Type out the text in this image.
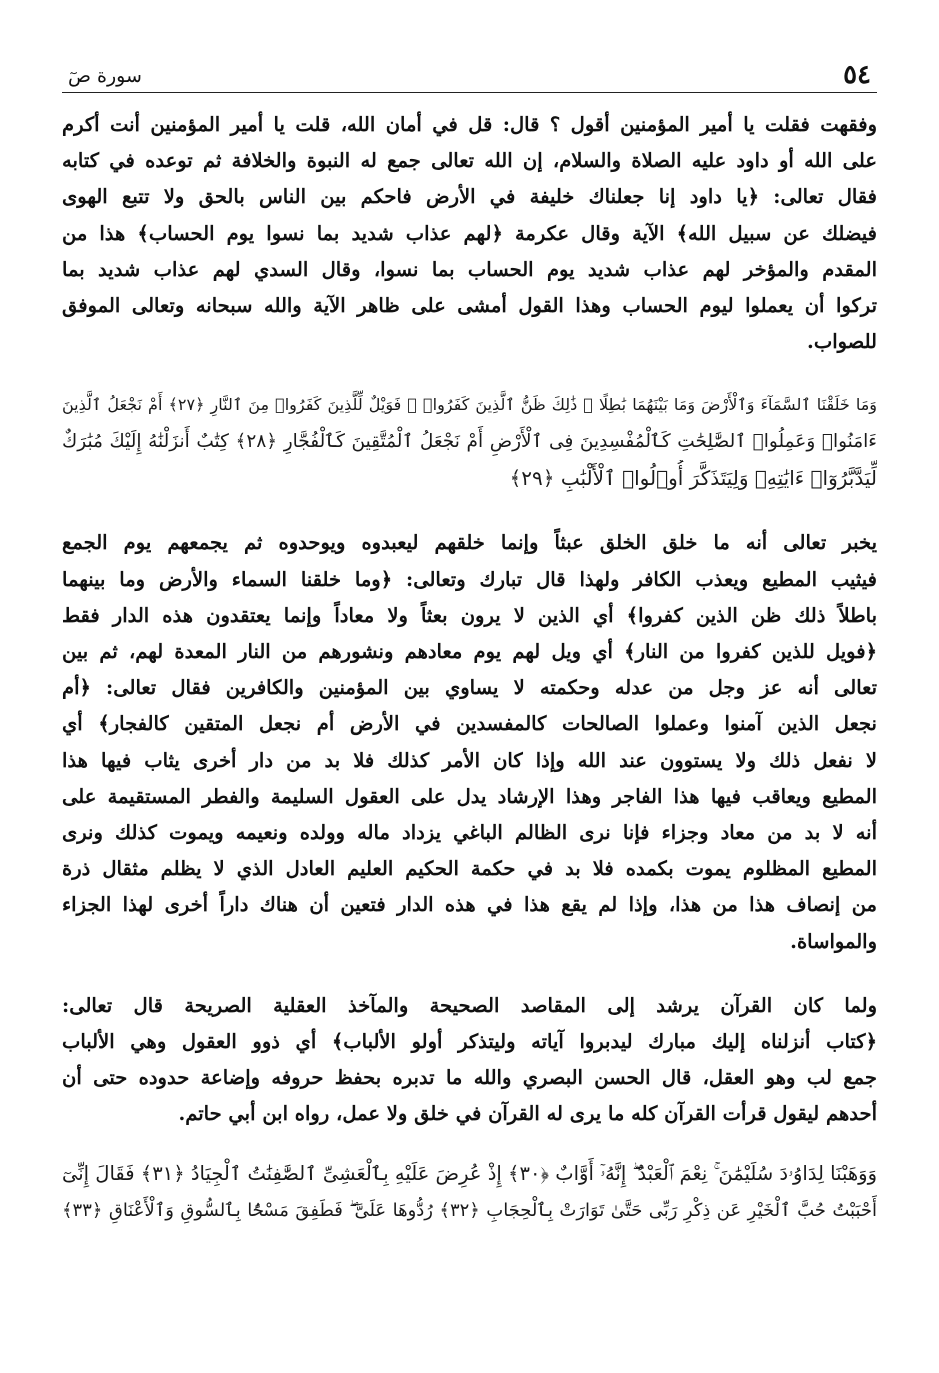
٥٤
سورة صٓ
وفقهت فقلت يا أمير المؤمنين أقول ؟ قال: قل في أمان الله، قلت يا أمير المؤمنين أنت أكرم
على الله أو داود عليه الصلاة والسلام، إن الله تعالى جمع له النبوة والخلافة ثم توعده في كتابه
فقال تعالى: ﴿يا داود إنا جعلناك خليفة في الأرض فاحكم بين الناس بالحق ولا تتبع الهوى
فيضلك عن سبيل الله﴾ الآية وقال عكرمة ﴿لهم عذاب شديد بما نسوا يوم الحساب﴾ هذا من
المقدم والمؤخر لهم عذاب شديد يوم الحساب بما نسوا، وقال السدي لهم عذاب شديد بما
تركوا أن يعملوا ليوم الحساب وهذا القول أمشى على ظاهر الآية والله سبحانه وتعالى الموفق
للصواب.
وَمَا خَلَقْنَا ٱلسَّمَآءَ وَٱلْأَرْضَ وَمَا بَيْنَهُمَا بَٰطِلًا ۚ ذَٰلِكَ ظَنُّ ٱلَّذِينَ كَفَرُوا۟ ۚ فَوَيْلٌ لِّلَّذِينَ كَفَرُوا۟ مِنَ ٱلنَّارِ ﴿٢٧﴾ أَمْ نَجْعَلُ ٱلَّذِينَ
ءَامَنُوا۟ وَعَمِلُوا۟ ٱلصَّٰلِحَٰتِ كَٱلْمُفْسِدِينَ فِى ٱلْأَرْضِ أَمْ نَجْعَلُ ٱلْمُتَّقِينَ كَٱلْفُجَّارِ ﴿٢٨﴾ كِتَٰبٌ أَنزَلْنَٰهُ إِلَيْكَ مُبَٰرَكٌ
لِّيَدَّبَّرُوٓا۟ ءَايَٰتِهِۦ وَلِيَتَذَكَّرَ أُو۟لُوا۟ ٱلْأَلْبَٰبِ ﴿٢٩﴾
يخبر تعالى أنه ما خلق الخلق عبثاً وإنما خلقهم ليعبدوه ويوحدوه ثم يجمعهم يوم الجمع
فيثيب المطيع ويعذب الكافر ولهذا قال تبارك وتعالى: ﴿وما خلقنا السماء والأرض وما بينهما
باطلاً ذلك ظن الذين كفروا﴾ أي الذين لا يرون بعثاً ولا معاداً وإنما يعتقدون هذه الدار فقط
﴿فويل للذين كفروا من النار﴾ أي ويل لهم يوم معادهم ونشورهم من النار المعدة لهم، ثم بين
تعالى أنه عز وجل من عدله وحكمته لا يساوي بين المؤمنين والكافرين فقال تعالى: ﴿أم
نجعل الذين آمنوا وعملوا الصالحات كالمفسدين في الأرض أم نجعل المتقين كالفجار﴾ أي
لا نفعل ذلك ولا يستوون عند الله وإذا كان الأمر كذلك فلا بد من دار أخرى يثاب فيها هذا
المطيع ويعاقب فيها هذا الفاجر وهذا الإرشاد يدل على العقول السليمة والفطر المستقيمة على
أنه لا بد من معاد وجزاء فإنا نرى الظالم الباغي يزداد ماله وولده ونعيمه ويموت كذلك ونرى
المطيع المظلوم يموت بكمده فلا بد في حكمة الحكيم العليم العادل الذي لا يظلم مثقال ذرة
من إنصاف هذا من هذا، وإذا لم يقع هذا في هذه الدار فتعين أن هناك داراً أخرى لهذا الجزاء
والمواساة.
ولما كان القرآن يرشد إلى المقاصد الصحيحة والمآخذ العقلية الصريحة قال تعالى:
﴿كتاب أنزلناه إليك مبارك ليدبروا آياته وليتذكر أولو الألباب﴾ أي ذوو العقول وهي الألباب
جمع لب وهو العقل، قال الحسن البصري والله ما تدبره بحفظ حروفه وإضاعة حدوده حتى أن
أحدهم ليقول قرأت القرآن كله ما يرى له القرآن في خلق ولا عمل، رواه ابن أبي حاتم.
وَوَهَبْنَا لِدَاوُۥدَ سُلَيْمَٰنَ ۚ نِعْمَ ٱلْعَبْدُ ۖ إِنَّهُۥٓ أَوَّابٌ ﴿٣٠﴾ إِذْ عُرِضَ عَلَيْهِ بِٱلْعَشِىِّ ٱلصَّٰفِنَٰتُ ٱلْجِيَادُ ﴿٣١﴾ فَقَالَ إِنِّىٓ
أَحْبَبْتُ حُبَّ ٱلْخَيْرِ عَن ذِكْرِ رَبِّى حَتَّىٰ تَوَارَتْ بِٱلْحِجَابِ ﴿٣٢﴾ رُدُّوهَا عَلَىَّ ۖ فَطَفِقَ مَسْحًۢا بِٱلسُّوقِ وَٱلْأَعْنَاقِ ﴿٣٣﴾
